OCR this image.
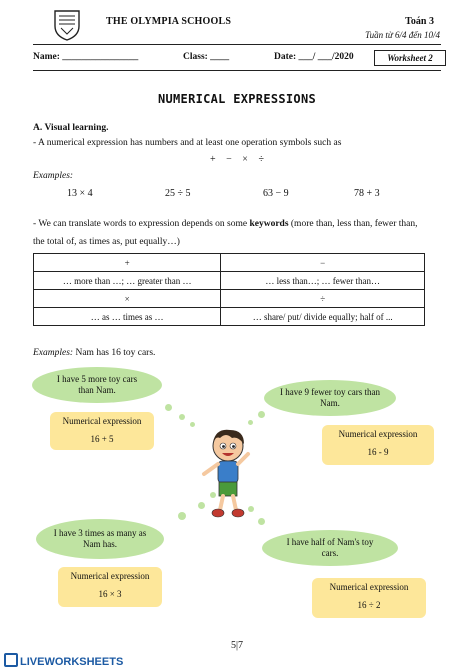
THE OLYMPIA SCHOOLS	Toán 3
Tuần từ 6/4 đến 10/4
Name: ________________	Class: ____	Date: ___/ ___/2020	Worksheet 2
NUMERICAL EXPRESSIONS
A. Visual learning.
- A numerical expression has numbers and at least one operation symbols such as
+ − × ÷
Examples:
13 × 4	25 ÷ 5	63 − 9	78 + 3
- We can translate words to expression depends on some keywords (more than, less than, fewer than,
the total of, as times as, put equally…)
+	−
… more than …; … greater than …	… less than…; … fewer than…
×	÷
… as … times as …	… share/ put/ divide equally; half of ...
Examples: Nam has 16 toy cars.
I have 5 more toy cars than Nam.
Numerical expression
16 + 5
I have 9 fewer toy cars than Nam.
Numerical expression
16 - 9
I have 3 times as many as Nam has.
Numerical expression
16 × 3
I have half of Nam's toy cars.
Numerical expression
16 ÷ 2
5|7
LIVEWORKSHEETS
